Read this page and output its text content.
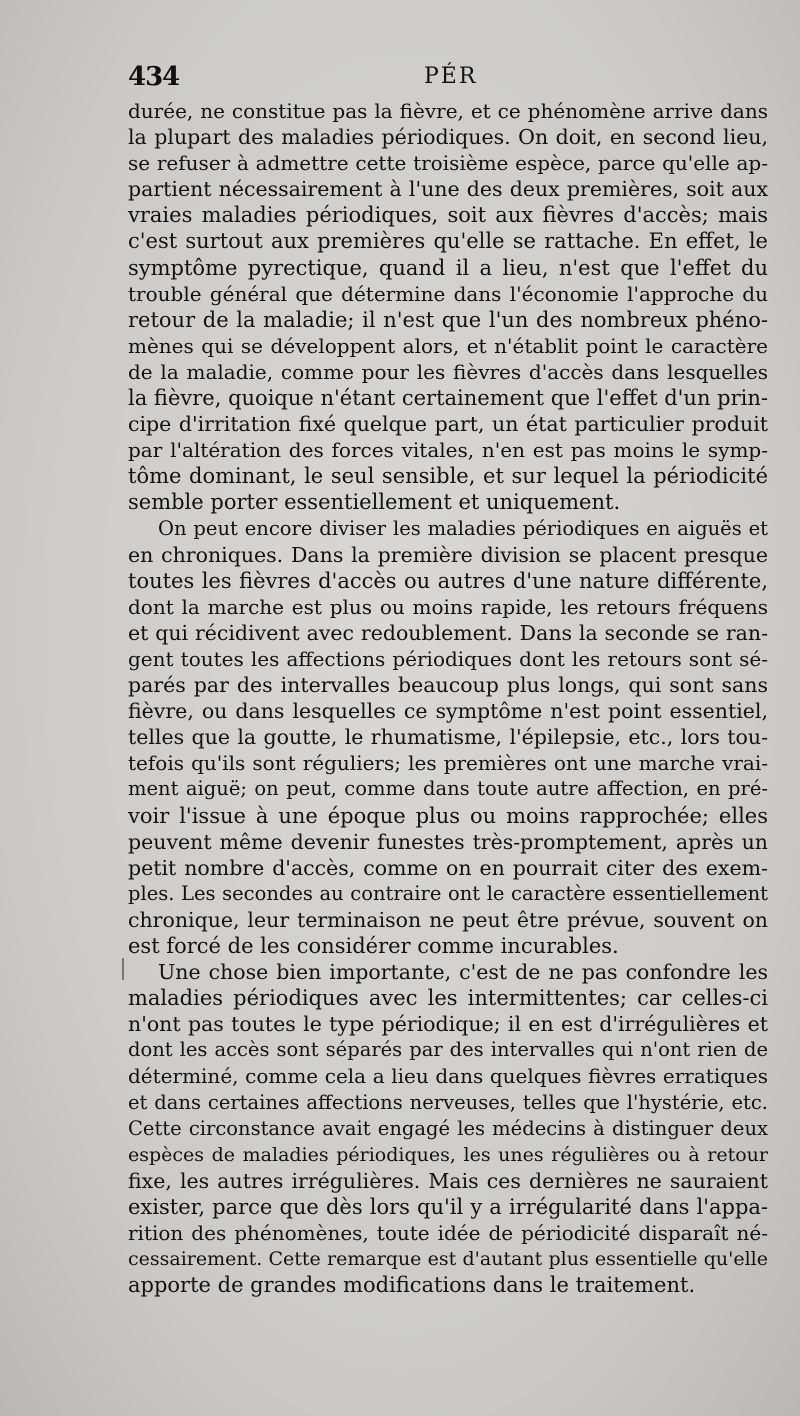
434	PÉR
durée, ne constitue pas la fièvre, et ce phénomène arrive dans
la plupart des maladies périodiques. On doit, en second lieu,
se refuser à admettre cette troisième espèce, parce qu'elle ap-
partient nécessairement à l'une des deux premières, soit aux
vraies maladies périodiques, soit aux fièvres d'accès; mais
c'est surtout aux premières qu'elle se rattache. En effet, le
symptôme pyrectique, quand il a lieu, n'est que l'effet du
trouble général que détermine dans l'économie l'approche du
retour de la maladie; il n'est que l'un des nombreux phéno-
mènes qui se développent alors, et n'établit point le caractère
de la maladie, comme pour les fièvres d'accès dans lesquelles
la fièvre, quoique n'étant certainement que l'effet d'un prin-
cipe d'irritation fixé quelque part, un état particulier produit
par l'altération des forces vitales, n'en est pas moins le symp-
tôme dominant, le seul sensible, et sur lequel la périodicité
semble porter essentiellement et uniquement.
On peut encore diviser les maladies périodiques en aiguës et
en chroniques. Dans la première division se placent presque
toutes les fièvres d'accès ou autres d'une nature différente,
dont la marche est plus ou moins rapide, les retours fréquens
et qui récidivent avec redoublement. Dans la seconde se ran-
gent toutes les affections périodiques dont les retours sont sé-
parés par des intervalles beaucoup plus longs, qui sont sans
fièvre, ou dans lesquelles ce symptôme n'est point essentiel,
telles que la goutte, le rhumatisme, l'épilepsie, etc., lors tou-
tefois qu'ils sont réguliers; les premières ont une marche vrai-
ment aiguë; on peut, comme dans toute autre affection, en pré-
voir l'issue à une époque plus ou moins rapprochée; elles
peuvent même devenir funestes très-promptement, après un
petit nombre d'accès, comme on en pourrait citer des exem-
ples. Les secondes au contraire ont le caractère essentiellement
chronique, leur terminaison ne peut être prévue, souvent on
est forcé de les considérer comme incurables.
Une chose bien importante, c'est de ne pas confondre les
maladies périodiques avec les intermittentes; car celles-ci
n'ont pas toutes le type périodique; il en est d'irrégulières et
dont les accès sont séparés par des intervalles qui n'ont rien de
déterminé, comme cela a lieu dans quelques fièvres erratiques
et dans certaines affections nerveuses, telles que l'hystérie, etc.
Cette circonstance avait engagé les médecins à distinguer deux
espèces de maladies périodiques, les unes régulières ou à retour
fixe, les autres irrégulières. Mais ces dernières ne sauraient
exister, parce que dès lors qu'il y a irrégularité dans l'appa-
rition des phénomènes, toute idée de périodicité disparaît né-
cessairement. Cette remarque est d'autant plus essentielle qu'elle
apporte de grandes modifications dans le traitement.
